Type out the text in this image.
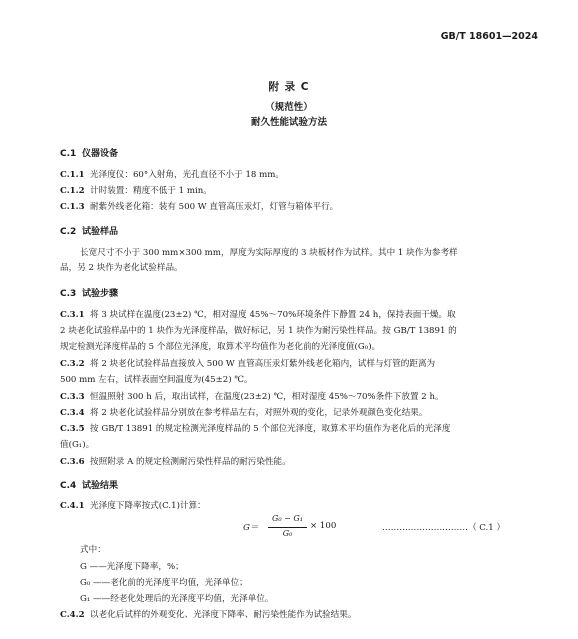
GB/T 18601—2024
附 录 C
（规范性）
耐久性能试验方法
C.1 仪器设备
C.1.1 光泽度仪：60°入射角，光孔直径不小于 18 mm。
C.1.2 计时装置：精度不低于 1 min。
C.1.3 耐紫外线老化箱：装有 500 W 直管高压汞灯，灯管与箱体平行。
C.2 试验样品
长宽尺寸不小于 300 mm×300 mm，厚度为实际厚度的 3 块板材作为试样。其中 1 块作为参考样
品，另 2 块作为老化试验样品。
C.3 试验步骤
C.3.1 将 3 块试样在温度(23±2) ℃，相对湿度 45%～70%环境条件下静置 24 h，保持表面干燥。取
2 块老化试验样品中的 1 块作为光泽度样品，做好标记，另 1 块作为耐污染性样品。按 GB/T 13891 的
规定检测光泽度样品的 5 个部位光泽度，取算术平均值作为老化前的光泽度值(G₀)。
C.3.2 将 2 块老化试验样品直接放入 500 W 直管高压汞灯紫外线老化箱内，试样与灯管的距离为
500 mm 左右，试样表面空间温度为(45±2) ℃。
C.3.3 恒温照射 300 h 后，取出试样，在温度(23±2) ℃，相对湿度 45%～70%条件下放置 2 h。
C.3.4 将 2 块老化试验样品分别放在参考样品左右，对照外观的变化，记录外观颜色变化结果。
C.3.5 按 GB/T 13891 的规定检测光泽度样品的 5 个部位光泽度，取算术平均值作为老化后的光泽度
值(G₁)。
C.3.6 按照附录 A 的规定检测耐污染性样品的耐污染性能。
C.4 试验结果
C.4.1 光泽度下降率按式(C.1)计算：
G＝
G₀ − G₁
G₀
× 100	…………………………（ C.1 ）
式中：
G ——光泽度下降率，%；
G₀ ——老化前的光泽度平均值，光泽单位；
G₁ ——经老化处理后的光泽度平均值，光泽单位。
C.4.2 以老化后试样的外观变化、光泽度下降率、耐污染性能作为试验结果。
